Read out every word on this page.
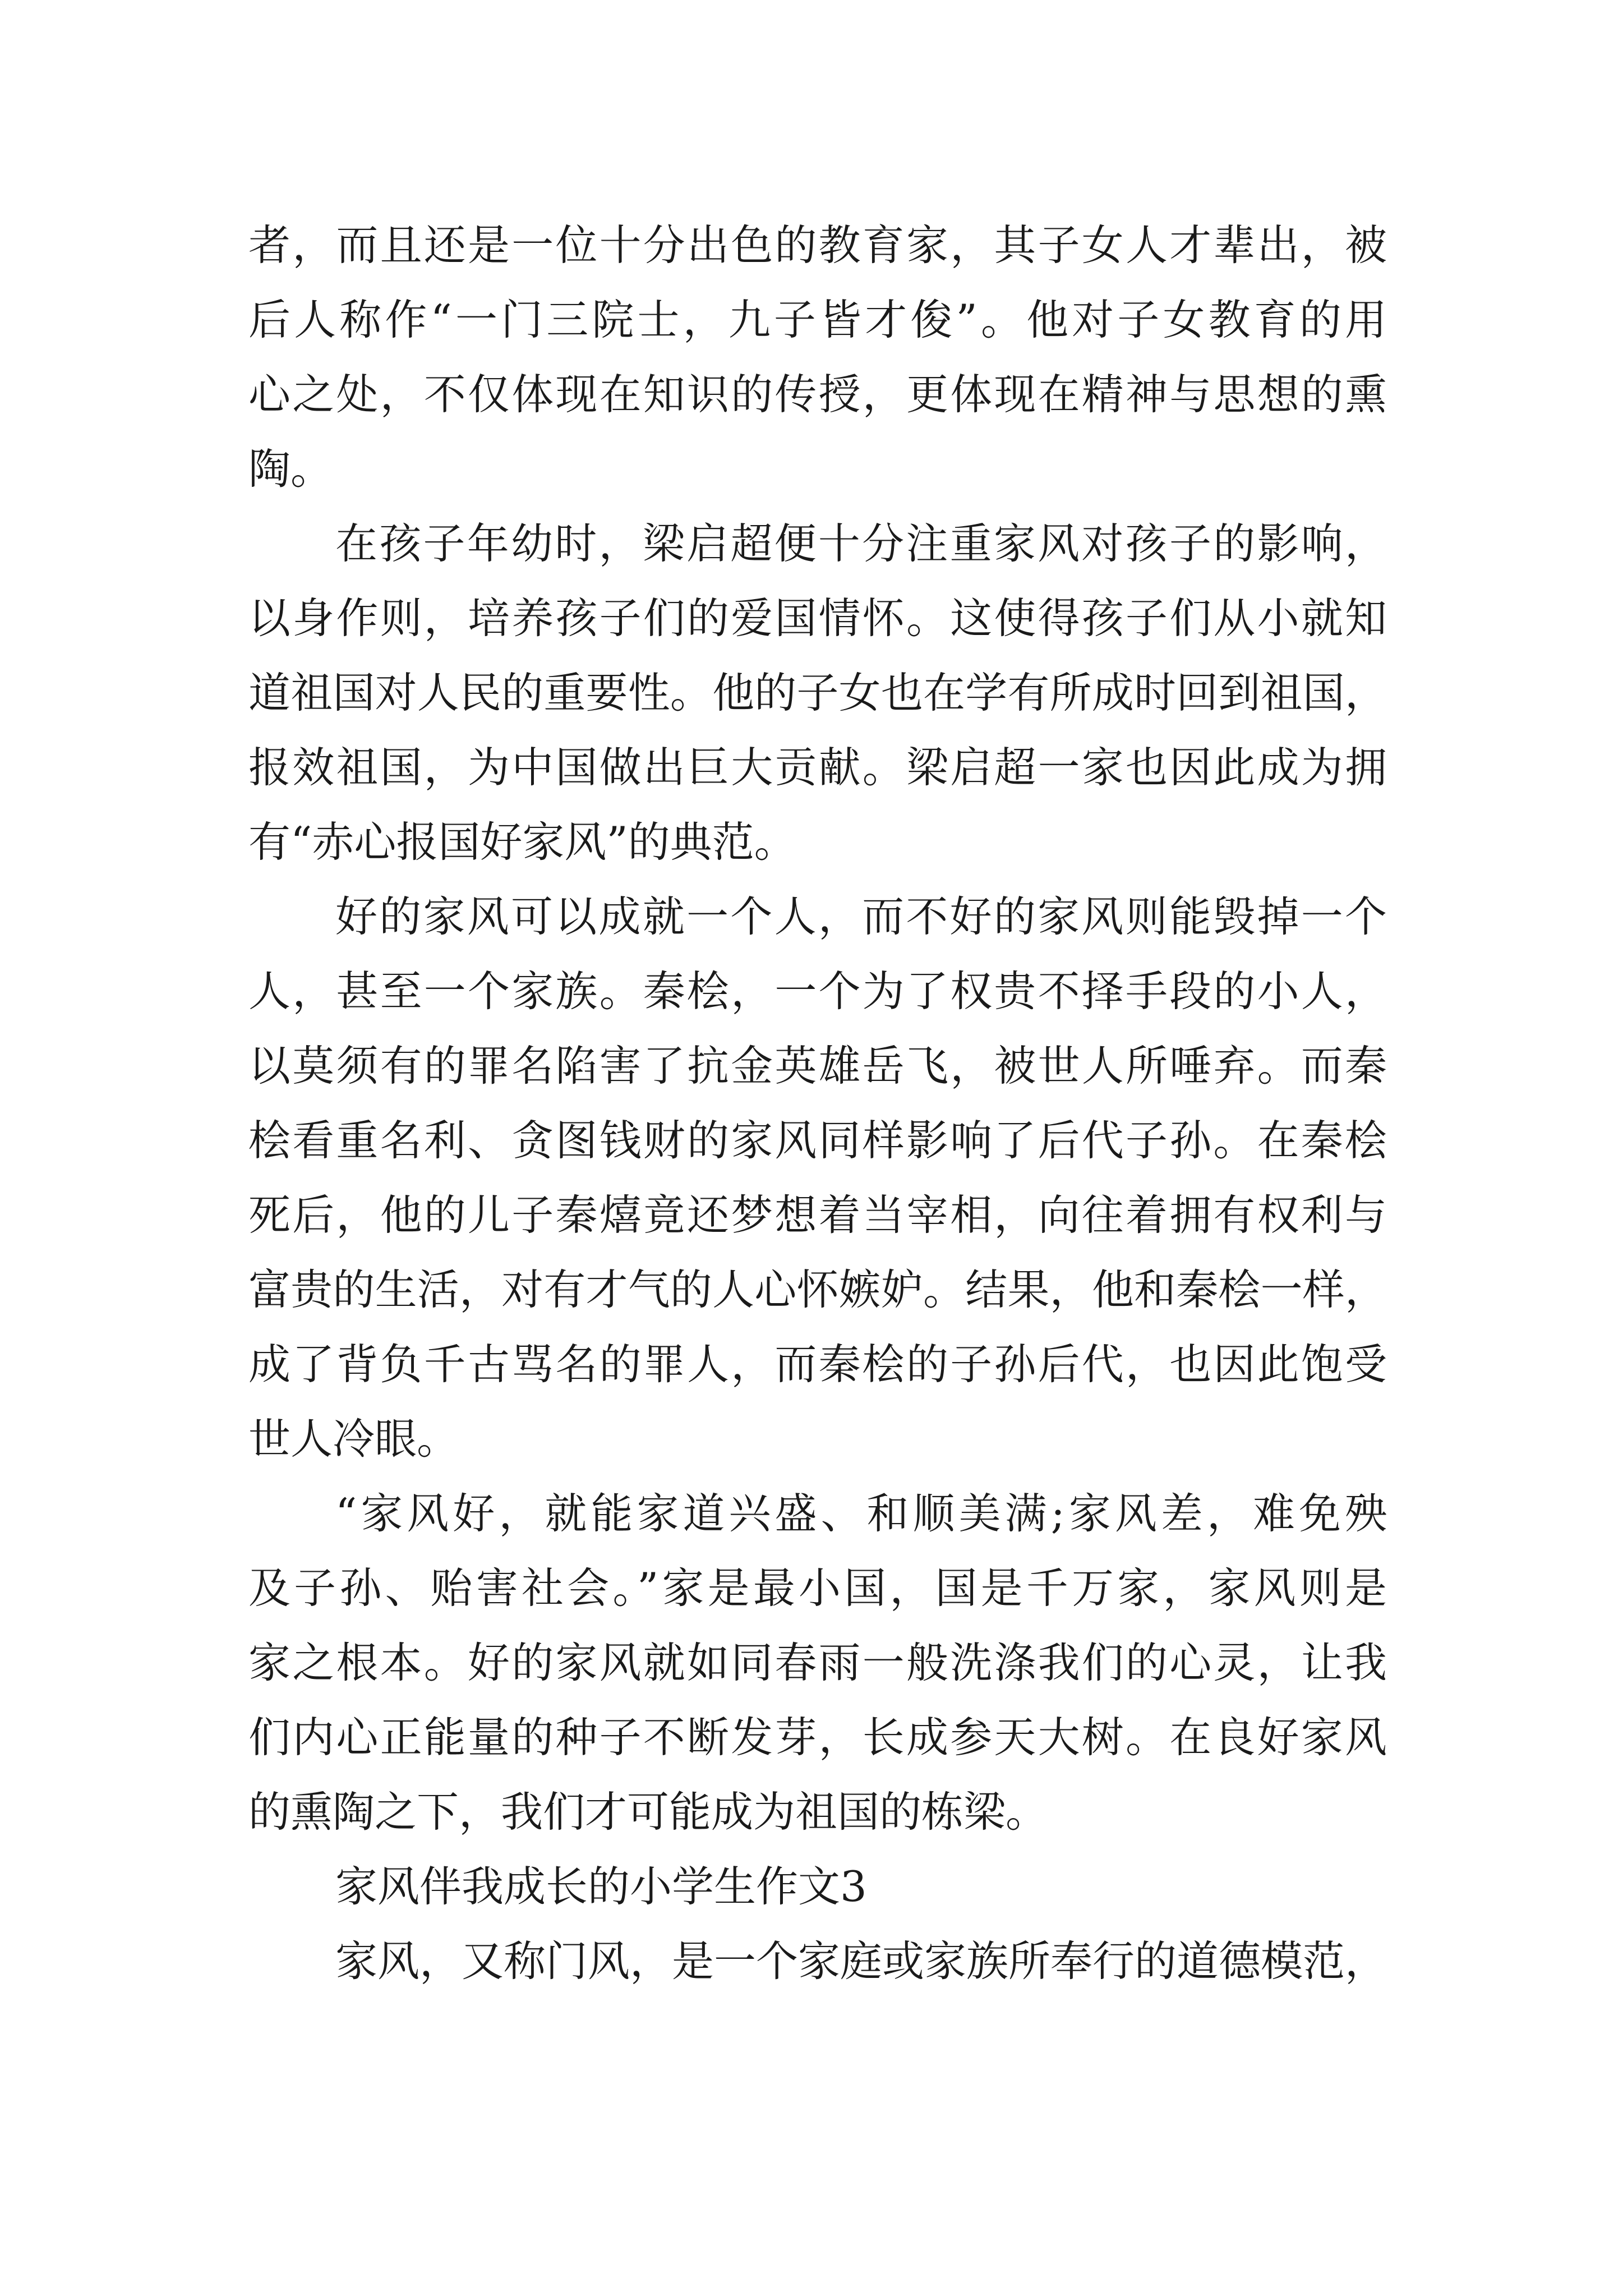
者，而且还是一位十分出色的教育家，其子女人才辈出，被
后人称作“一门三院士，九子皆才俊”。他对子女教育的用
心之处，不仅体现在知识的传授，更体现在精神与思想的熏
陶。
在孩子年幼时，梁启超便十分注重家风对孩子的影响，
以身作则，培养孩子们的爱国情怀。这使得孩子们从小就知
道祖国对人民的重要性。他的子女也在学有所成时回到祖国，
报效祖国，为中国做出巨大贡献。梁启超一家也因此成为拥
有“赤心报国好家风”的典范。
好的家风可以成就一个人，而不好的家风则能毁掉一个
人，甚至一个家族。秦桧，一个为了权贵不择手段的小人，
以莫须有的罪名陷害了抗金英雄岳飞，被世人所唾弃。而秦
桧看重名利、贪图钱财的家风同样影响了后代子孙。在秦桧
死后，他的儿子秦熺竟还梦想着当宰相，向往着拥有权利与
富贵的生活，对有才气的人心怀嫉妒。结果，他和秦桧一样，
成了背负千古骂名的罪人，而秦桧的子孙后代，也因此饱受
世人冷眼。
“家风好，就能家道兴盛、和顺美满;家风差，难免殃
及子孙、贻害社会。”家是最小国，国是千万家，家风则是
家之根本。好的家风就如同春雨一般洗涤我们的心灵，让我
们内心正能量的种子不断发芽，长成参天大树。在良好家风
的熏陶之下，我们才可能成为祖国的栋梁。
家风伴我成长的小学生作文3
家风，又称门风，是一个家庭或家族所奉行的道德模范，
